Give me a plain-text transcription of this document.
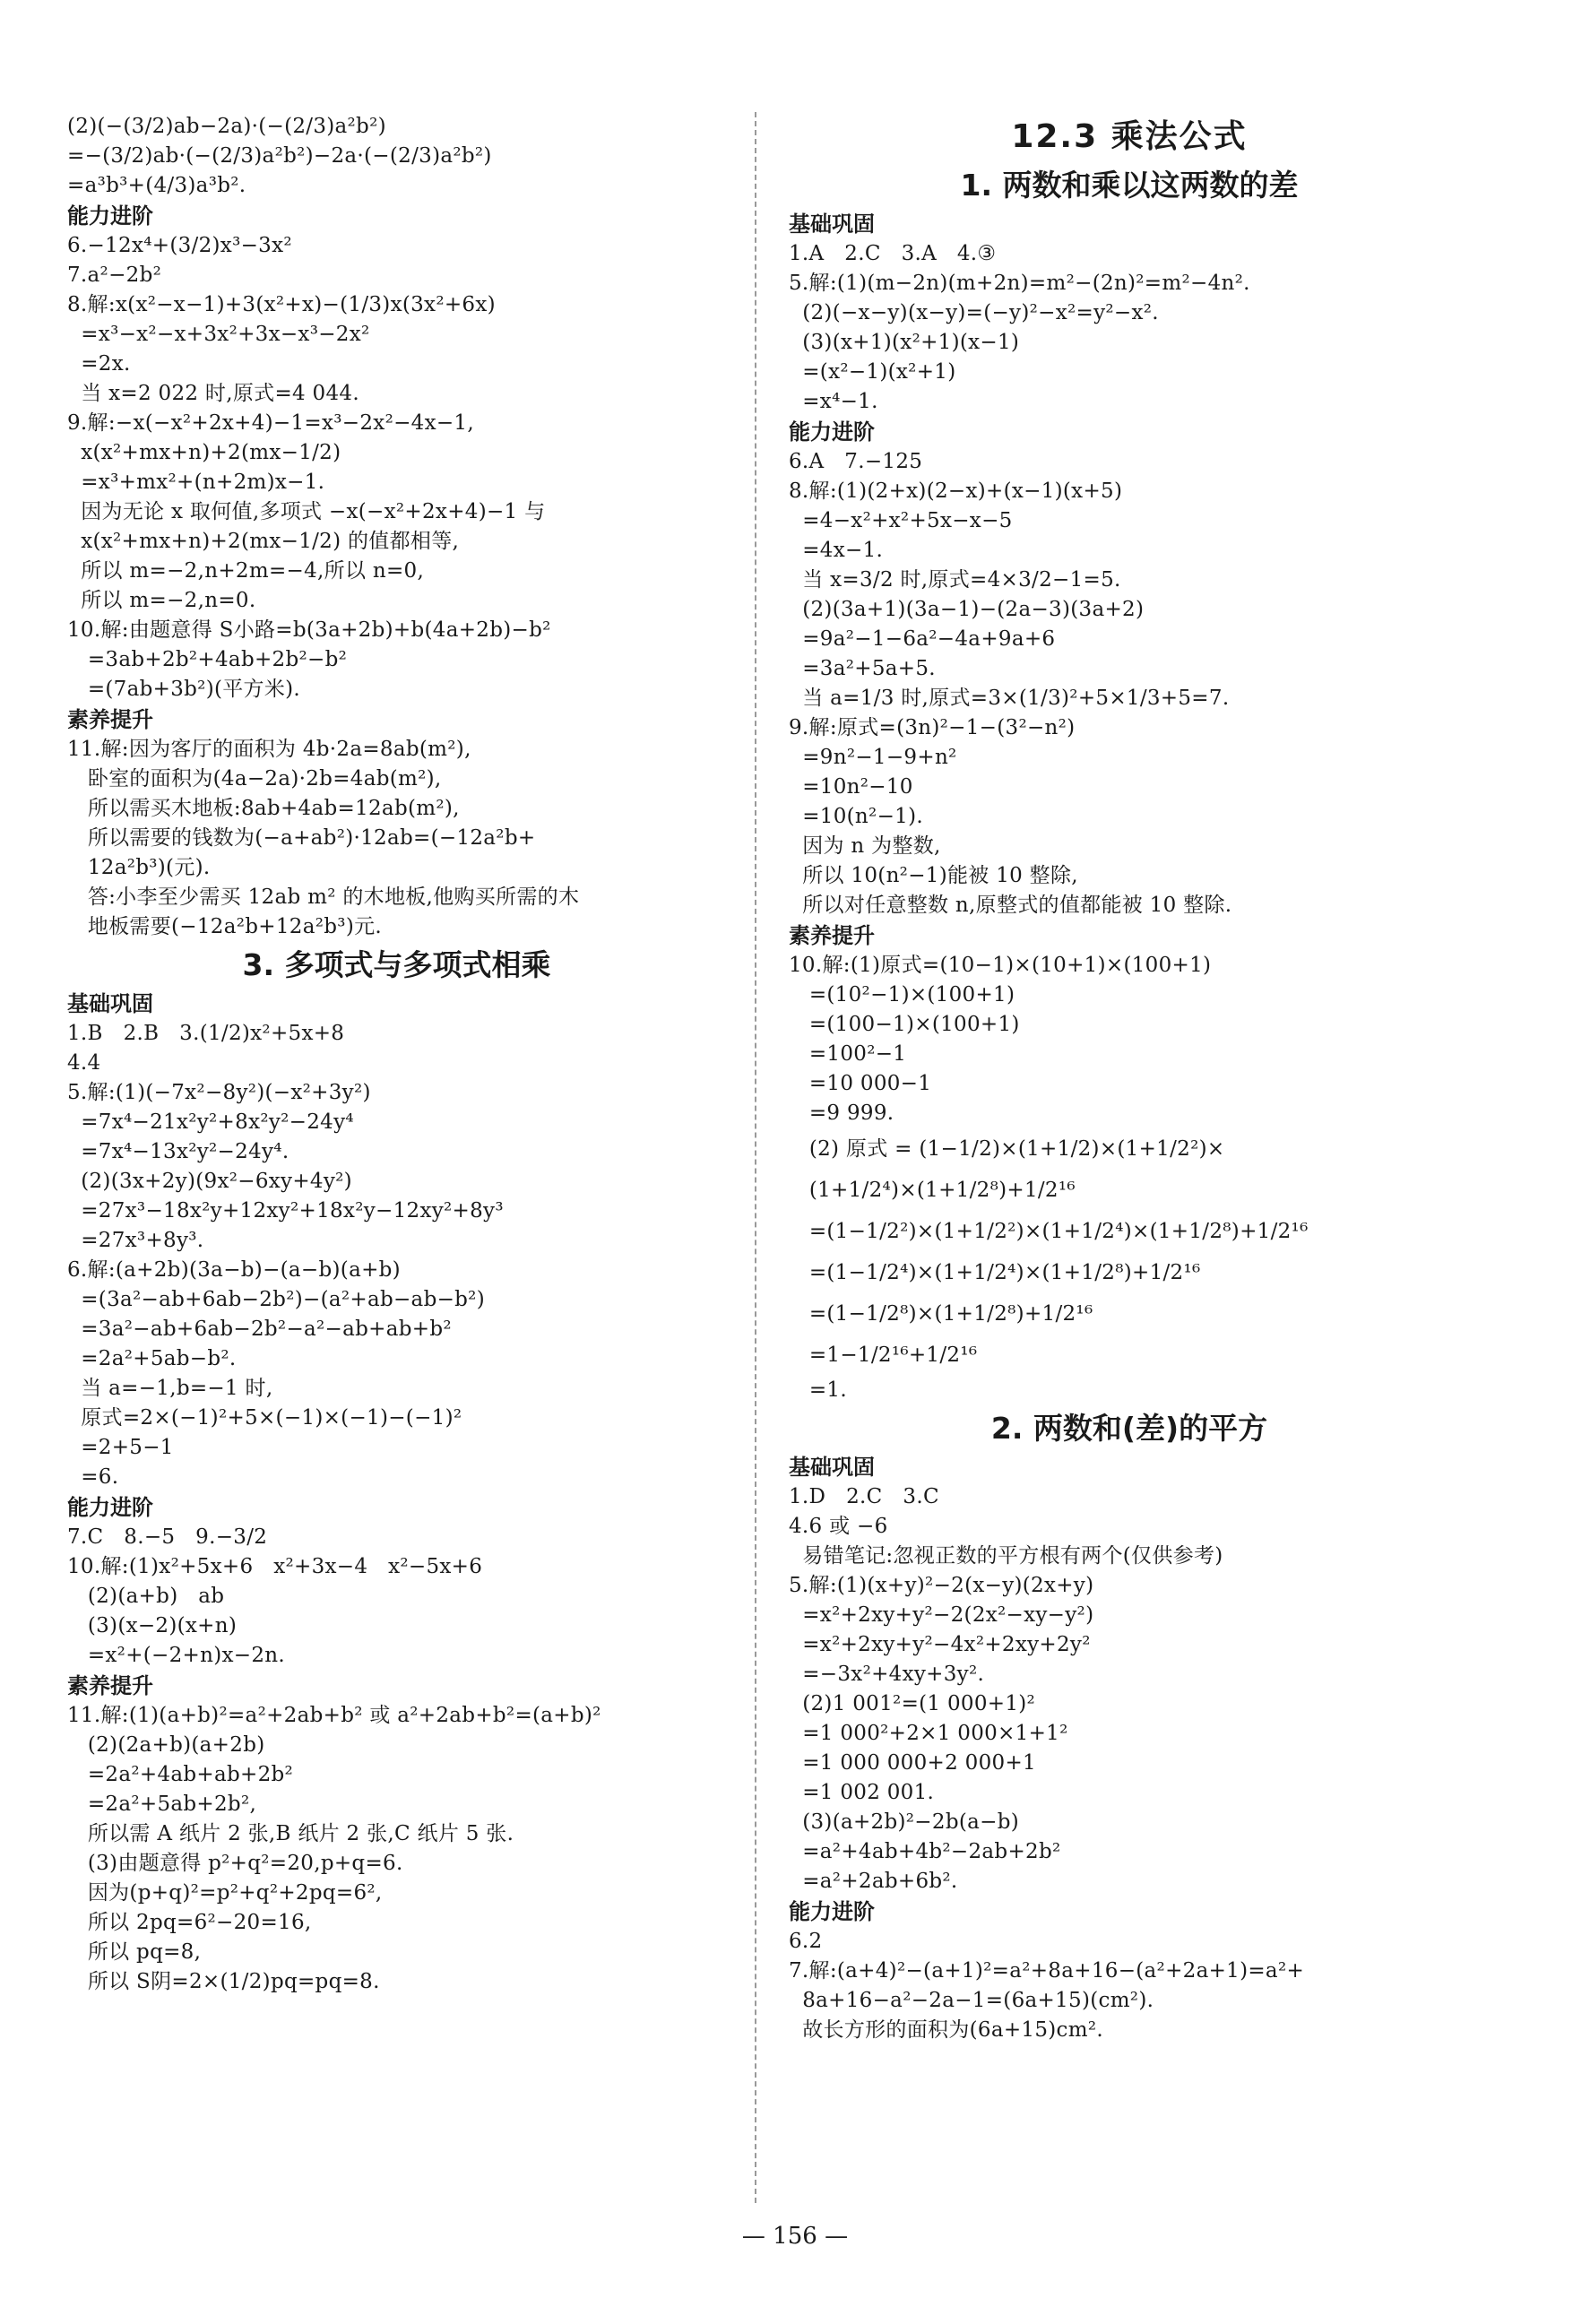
(2)(−(3/2)ab−2a)·(−(2/3)a²b²)
=−(3/2)ab·(−(2/3)a²b²)−2a·(−(2/3)a²b²)
=a³b³+(4/3)a³b².
能力进阶
6.−12x⁴+(3/2)x³−3x²
7.a²−2b²
8.解:x(x²−x−1)+3(x²+x)−(1/3)x(3x²+6x)
=x³−x²−x+3x²+3x−x³−2x²
=2x.
当 x=2 022 时,原式=4 044.
9.解:−x(−x²+2x+4)−1=x³−2x²−4x−1,
x(x²+mx+n)+2(mx−1/2)
=x³+mx²+(n+2m)x−1.
因为无论 x 取何值,多项式 −x(−x²+2x+4)−1 与
x(x²+mx+n)+2(mx−1/2) 的值都相等,
所以 m=−2,n+2m=−4,所以 n=0,
所以 m=−2,n=0.
10.解:由题意得 S小路=b(3a+2b)+b(4a+2b)−b²
=3ab+2b²+4ab+2b²−b²
=(7ab+3b²)(平方米).
素养提升
11.解:因为客厅的面积为 4b·2a=8ab(m²),
卧室的面积为(4a−2a)·2b=4ab(m²),
所以需买木地板:8ab+4ab=12ab(m²),
所以需要的钱数为(−a+ab²)·12ab=(−12a²b+
12a²b³)(元).
答:小李至少需买 12ab m² 的木地板,他购买所需的木
地板需要(−12a²b+12a²b³)元.
3. 多项式与多项式相乘
基础巩固
1.B   2.B   3.(1/2)x²+5x+8
4.4
5.解:(1)(−7x²−8y²)(−x²+3y²)
=7x⁴−21x²y²+8x²y²−24y⁴
=7x⁴−13x²y²−24y⁴.
(2)(3x+2y)(9x²−6xy+4y²)
=27x³−18x²y+12xy²+18x²y−12xy²+8y³
=27x³+8y³.
6.解:(a+2b)(3a−b)−(a−b)(a+b)
=(3a²−ab+6ab−2b²)−(a²+ab−ab−b²)
=3a²−ab+6ab−2b²−a²−ab+ab+b²
=2a²+5ab−b².
当 a=−1,b=−1 时,
原式=2×(−1)²+5×(−1)×(−1)−(−1)²
=2+5−1
=6.
能力进阶
7.C   8.−5   9.−3/2
10.解:(1)x²+5x+6   x²+3x−4   x²−5x+6
(2)(a+b)   ab
(3)(x−2)(x+n)
=x²+(−2+n)x−2n.
素养提升
11.解:(1)(a+b)²=a²+2ab+b² 或 a²+2ab+b²=(a+b)²
(2)(2a+b)(a+2b)
=2a²+4ab+ab+2b²
=2a²+5ab+2b²,
所以需 A 纸片 2 张,B 纸片 2 张,C 纸片 5 张.
(3)由题意得 p²+q²=20,p+q=6.
因为(p+q)²=p²+q²+2pq=6²,
所以 2pq=6²−20=16,
所以 pq=8,
所以 S阴=2×(1/2)pq=pq=8.
12.3 乘法公式
1. 两数和乘以这两数的差
基础巩固
1.A   2.C   3.A   4.③
5.解:(1)(m−2n)(m+2n)=m²−(2n)²=m²−4n².
(2)(−x−y)(x−y)=(−y)²−x²=y²−x².
(3)(x+1)(x²+1)(x−1)
=(x²−1)(x²+1)
=x⁴−1.
能力进阶
6.A   7.−125
8.解:(1)(2+x)(2−x)+(x−1)(x+5)
=4−x²+x²+5x−x−5
=4x−1.
当 x=3/2 时,原式=4×3/2−1=5.
(2)(3a+1)(3a−1)−(2a−3)(3a+2)
=9a²−1−6a²−4a+9a+6
=3a²+5a+5.
当 a=1/3 时,原式=3×(1/3)²+5×1/3+5=7.
9.解:原式=(3n)²−1−(3²−n²)
=9n²−1−9+n²
=10n²−10
=10(n²−1).
因为 n 为整数,
所以 10(n²−1)能被 10 整除,
所以对任意整数 n,原整式的值都能被 10 整除.
素养提升
10.解:(1)原式=(10−1)×(10+1)×(100+1)
=(10²−1)×(100+1)
=(100−1)×(100+1)
=100²−1
=10 000−1
=9 999.
(2) 原式 = (1−1/2)×(1+1/2)×(1+1/2²)×
(1+1/2⁴)×(1+1/2⁸)+1/2¹⁶
=(1−1/2²)×(1+1/2²)×(1+1/2⁴)×(1+1/2⁸)+1/2¹⁶
=(1−1/2⁴)×(1+1/2⁴)×(1+1/2⁸)+1/2¹⁶
=(1−1/2⁸)×(1+1/2⁸)+1/2¹⁶
=1−1/2¹⁶+1/2¹⁶
=1.
2. 两数和(差)的平方
基础巩固
1.D   2.C   3.C
4.6 或 −6
易错笔记:忽视正数的平方根有两个(仅供参考)
5.解:(1)(x+y)²−2(x−y)(2x+y)
=x²+2xy+y²−2(2x²−xy−y²)
=x²+2xy+y²−4x²+2xy+2y²
=−3x²+4xy+3y².
(2)1 001²=(1 000+1)²
=1 000²+2×1 000×1+1²
=1 000 000+2 000+1
=1 002 001.
(3)(a+2b)²−2b(a−b)
=a²+4ab+4b²−2ab+2b²
=a²+2ab+6b².
能力进阶
6.2
7.解:(a+4)²−(a+1)²=a²+8a+16−(a²+2a+1)=a²+
8a+16−a²−2a−1=(6a+15)(cm²).
故长方形的面积为(6a+15)cm².
— 156 —
